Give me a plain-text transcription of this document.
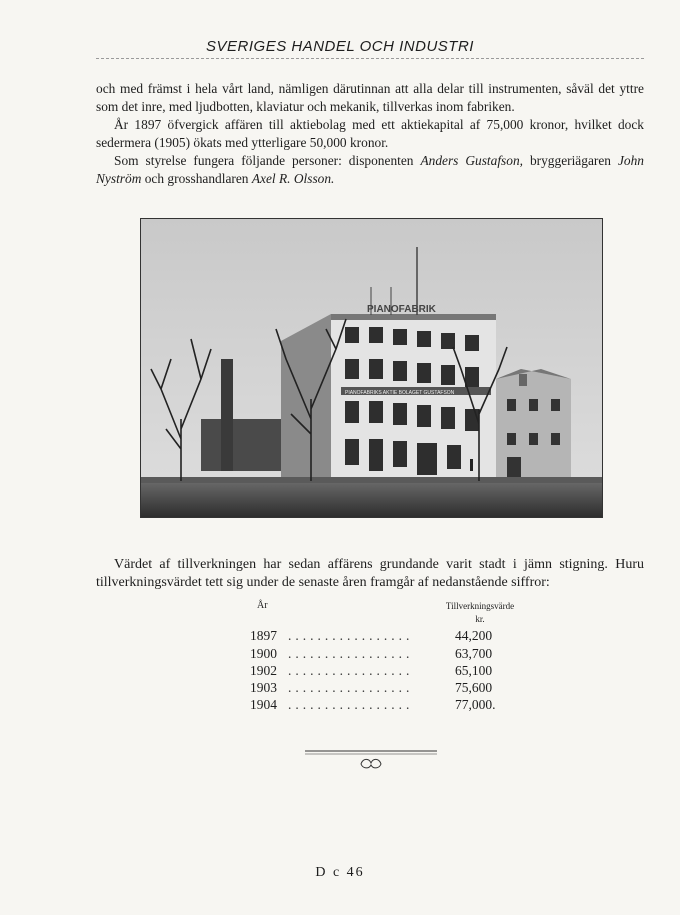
SVERIGES HANDEL OCH INDUSTRI
och med främst i hela vårt land, nämligen därutinnan att alla delar till instrumenten, såväl det yttre som det inre, med ljudbotten, klaviatur och mekanik, tillverkas inom fabriken.
År 1897 öfvergick affären till aktiebolag med ett aktiekapital af 75,000 kronor, hvilket dock sedermera (1905) ökats med ytterligare 50,000 kronor.
Som styrelse fungera följande personer: disponenten Anders Gustafson, bryggeriägaren John Nyström och grosshandlaren Axel R. Olsson.
PIANOFABRIK
PIANOFABRIKS AKTIE BOLAGET GUSTAFSON
Värdet af tillverkningen har sedan affärens grundande varit stadt i jämn stigning. Huru tillverkningsvärdet tett sig under de senaste åren framgår af nedanstående siffror:
År	Tillverkningsvärde
kr.
1897 .................	44,200
1900 .................	63,700
1902 .................	65,100
1903 .................	75,600
1904 .................	77,000.
D c 46
